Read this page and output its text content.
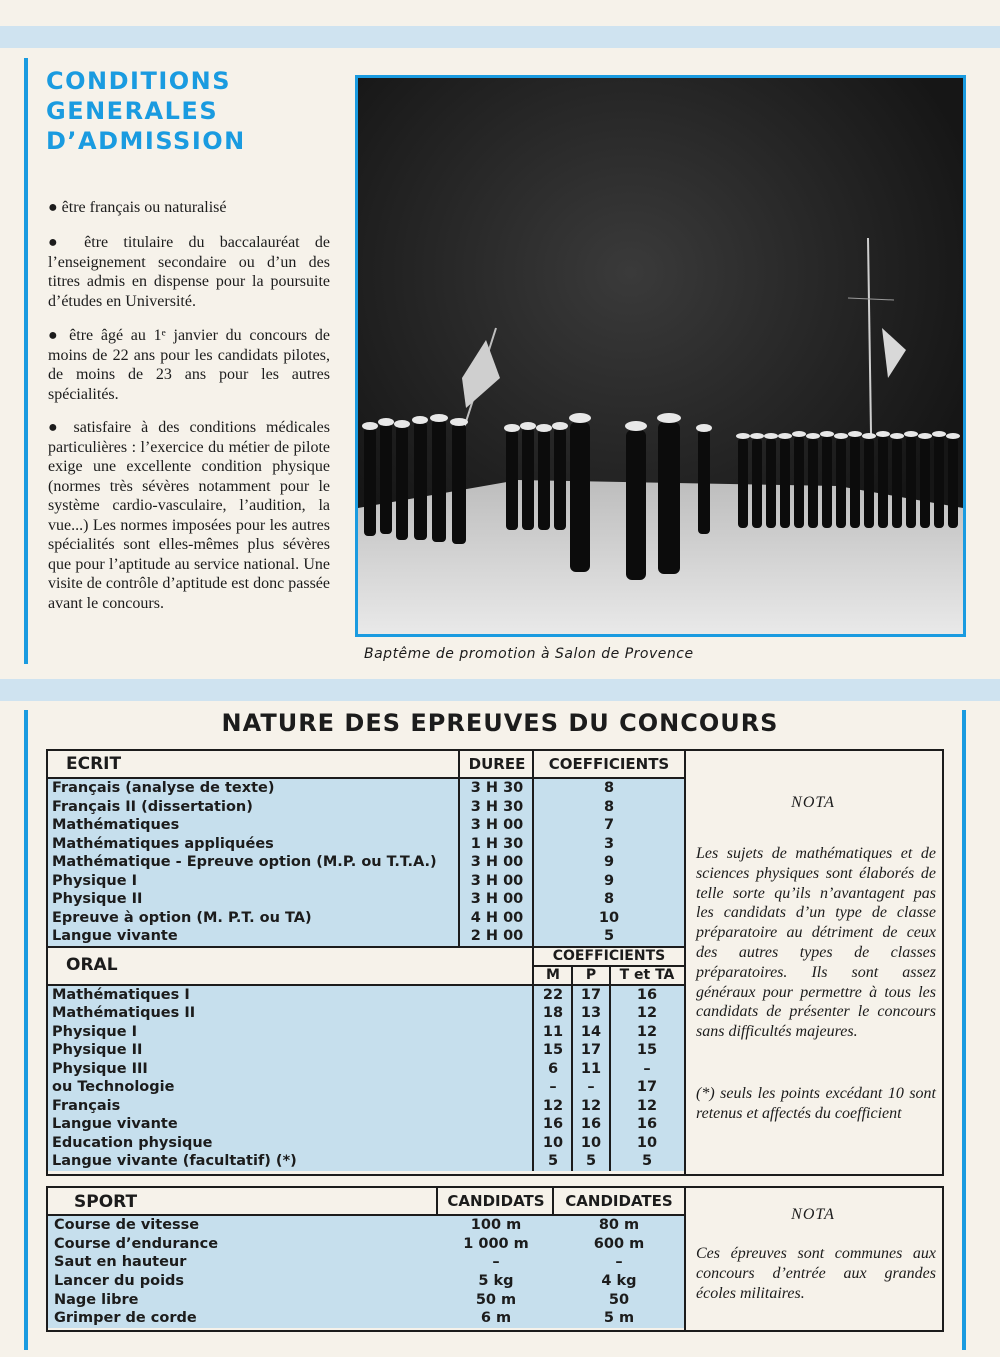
CONDITIONS
GENERALES
D’ADMISSION
● être français ou naturalisé
● être titulaire du baccalauréat de l’enseignement secondaire ou d’un des titres admis en dispense pour la poursuite d’études en Université.
● être âgé au 1ᵉ janvier du concours de moins de 22 ans pour les candidats pilotes, de moins de 23 ans pour les autres spécialités.
● satisfaire à des conditions médicales particulières : l’exercice du métier de pilote exige une excellente condition physique (normes très sévères notamment pour le système cardio-vasculaire, l’audition, la vue...) Les normes imposées pour les autres spécialités sont elles-mêmes plus sévères que pour l’aptitude au service national. Une visite de contrôle d’aptitude est donc passée avant le concours.
Baptême de promotion à Salon de Provence
NATURE DES EPREUVES DU CONCOURS
ECRIT	DUREE	COEFFICIENTS
Français (analyse de texte)	3 H 30	8
Français II (dissertation)	3 H 30	8
Mathématiques	3 H 00	7
Mathématiques appliquées	1 H 30	3
Mathématique - Epreuve option (M.P. ou T.T.A.)	3 H 00	9
Physique I	3 H 00	9
Physique II	3 H 00	8
Epreuve à option (M. P.T. ou TA)	4 H 00	10
Langue vivante	2 H 00	5
ORAL	COEFFICIENTS
M	P	T et TA
Mathématiques I	22	17	16
Mathématiques II	18	13	12
Physique I	11	14	12
Physique II	15	17	15
Physique III	6	11	–
ou Technologie	–	–	17
Français	12	12	12
Langue vivante	16	16	16
Education physique	10	10	10
Langue vivante (facultatif) (*)	5	5	5
NOTA
Les sujets de mathématiques et de sciences physiques sont élaborés de telle sorte qu’ils n’avantagent pas les candidats d’un type de classe préparatoire au détriment de ceux des autres types de classes préparatoires. Ils sont assez généraux pour permettre à tous les candidats de présenter le concours sans difficultés majeures.
(*) seuls les points excédant 10 sont retenus et affectés du coefficient
SPORT	CANDIDATS	CANDIDATES
Course de vitesse	100 m	80 m
Course d’endurance	1 000 m	600 m
Saut en hauteur	–	–
Lancer du poids	5 kg	4 kg
Nage libre	50 m	50
Grimper de corde	6 m	5 m
NOTA
Ces épreuves sont communes aux concours d’entrée aux grandes écoles militaires.
